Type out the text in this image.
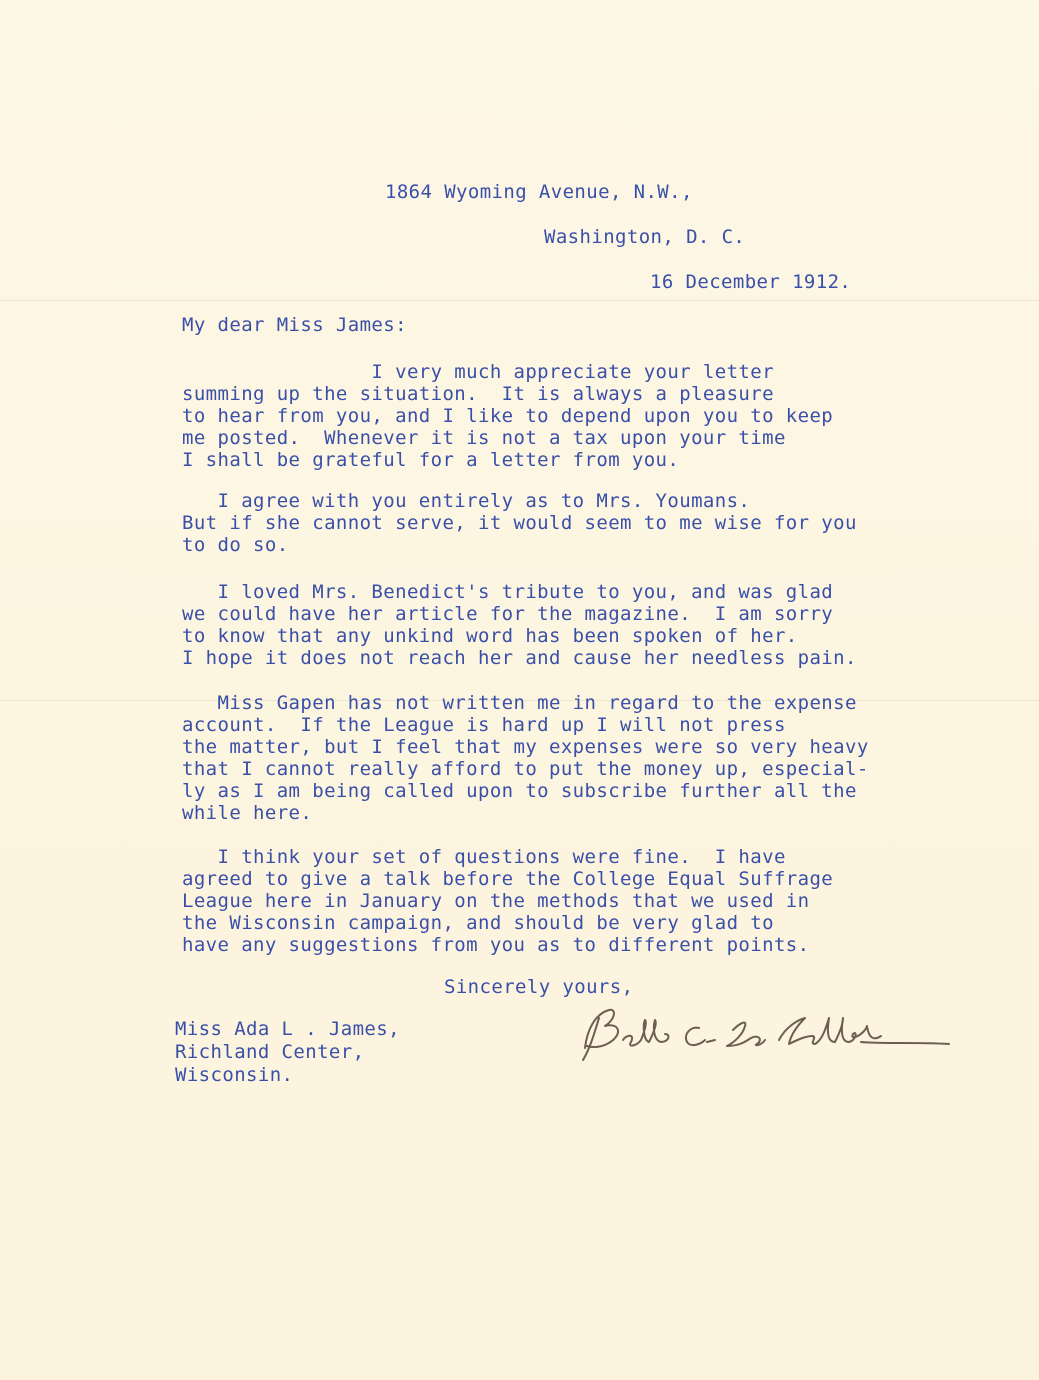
1864 Wyoming Avenue, N.W.,
Washington, D. C.
16 December 1912.
My dear Miss James:
I very much appreciate your letter
summing up the situation.  It is always a pleasure
to hear from you, and I like to depend upon you to keep
me posted.  Whenever it is not a tax upon your time
I shall be grateful for a letter from you.
I agree with you entirely as to Mrs. Youmans.
But if she cannot serve, it would seem to me wise for you
to do so.
I loved Mrs. Benedict's tribute to you, and was glad
we could have her article for the magazine.  I am sorry
to know that any unkind word has been spoken of her.
I hope it does not reach her and cause her needless pain.
Miss Gapen has not written me in regard to the expense
account.  If the League is hard up I will not press
the matter, but I feel that my expenses were so very heavy
that I cannot really afford to put the money up, especial-
ly as I am being called upon to subscribe further all the
while here.
I think your set of questions were fine.  I have
agreed to give a talk before the College Equal Suffrage
League here in January on the methods that we used in
the Wisconsin campaign, and should be very glad to
have any suggestions from you as to different points.
Sincerely yours,
Miss Ada L . James,
Richland Center,
Wisconsin.
